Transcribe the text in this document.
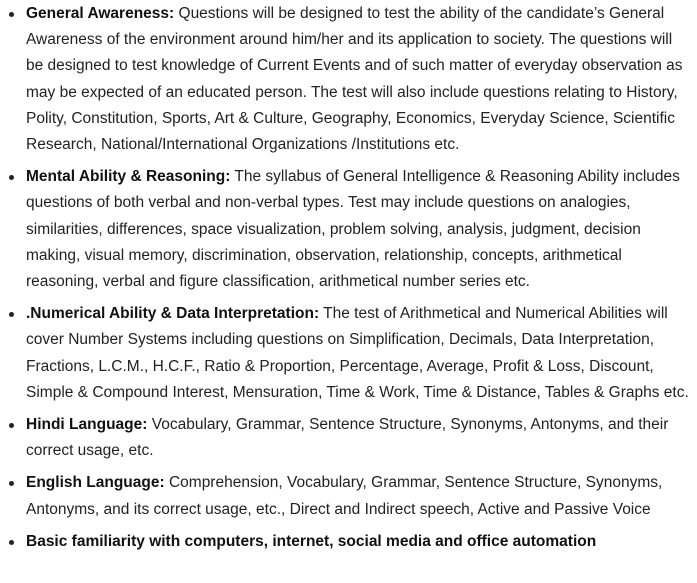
General Awareness: Questions will be designed to test the ability of the candidate’s General Awareness of the environment around him/her and its application to society. The questions will be designed to test knowledge of Current Events and of such matter of everyday observation as may be expected of an educated person. The test will also include questions relating to History, Polity, Constitution, Sports, Art & Culture, Geography, Economics, Everyday Science, Scientific Research, National/International Organizations /Institutions etc.
Mental Ability & Reasoning: The syllabus of General Intelligence & Reasoning Ability includes questions of both verbal and non-verbal types. Test may include questions on analogies, similarities, differences, space visualization, problem solving, analysis, judgment, decision making, visual memory, discrimination, observation, relationship, concepts, arithmetical reasoning, verbal and figure classification, arithmetical number series etc.
.Numerical Ability & Data Interpretation: The test of Arithmetical and Numerical Abilities will cover Number Systems including questions on Simplification, Decimals, Data Interpretation, Fractions, L.C.M., H.C.F., Ratio & Proportion, Percentage, Average, Profit & Loss, Discount, Simple & Compound Interest, Mensuration, Time & Work, Time & Distance, Tables & Graphs etc.
Hindi Language: Vocabulary, Grammar, Sentence Structure, Synonyms, Antonyms, and their correct usage, etc.
English Language: Comprehension, Vocabulary, Grammar, Sentence Structure, Synonyms, Antonyms, and its correct usage, etc., Direct and Indirect speech, Active and Passive Voice
Basic familiarity with computers, internet, social media and office automation
